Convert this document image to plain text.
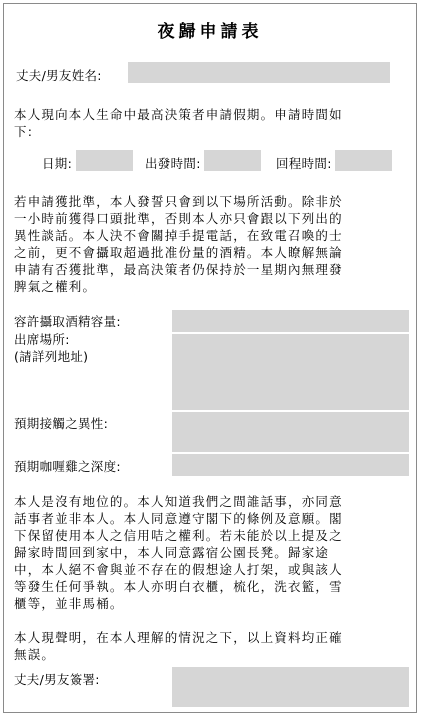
夜歸申請表
丈夫/男友姓名:
本人現向本人生命中最高決策者申請假期。申請時間如
下:
日期:	出發時間:	回程時間:
若申請獲批準，本人發誓只會到以下場所活動。除非於
一小時前獲得口頭批準，否則本人亦只會跟以下列出的
異性談話。本人決不會關掉手提電話，在致電召喚的士
之前，更不會攝取超過批准份量的酒精。本人瞭解無論
申請有否獲批準，最高決策者仍保持於一星期內無理發
脾氣之權利。
容許攝取酒精容量:
出席場所:
(請詳列地址)
預期接觸之異性:
預期咖喱雞之深度:
本人是沒有地位的。本人知道我們之間誰話事，亦同意
話事者並非本人。本人同意遵守閣下的條例及意願。閣
下保留使用本人之信用咭之權利。若未能於以上提及之
歸家時間回到家中，本人同意露宿公園長凳。歸家途
中，本人絕不會與並不存在的假想途人打架，或與該人
等發生任何爭執。本人亦明白衣櫃，梳化，洗衣籃，雪
櫃等，並非馬桶。
本人現聲明，在本人理解的情況之下，以上資料均正確
無誤。
丈夫/男友簽署:
